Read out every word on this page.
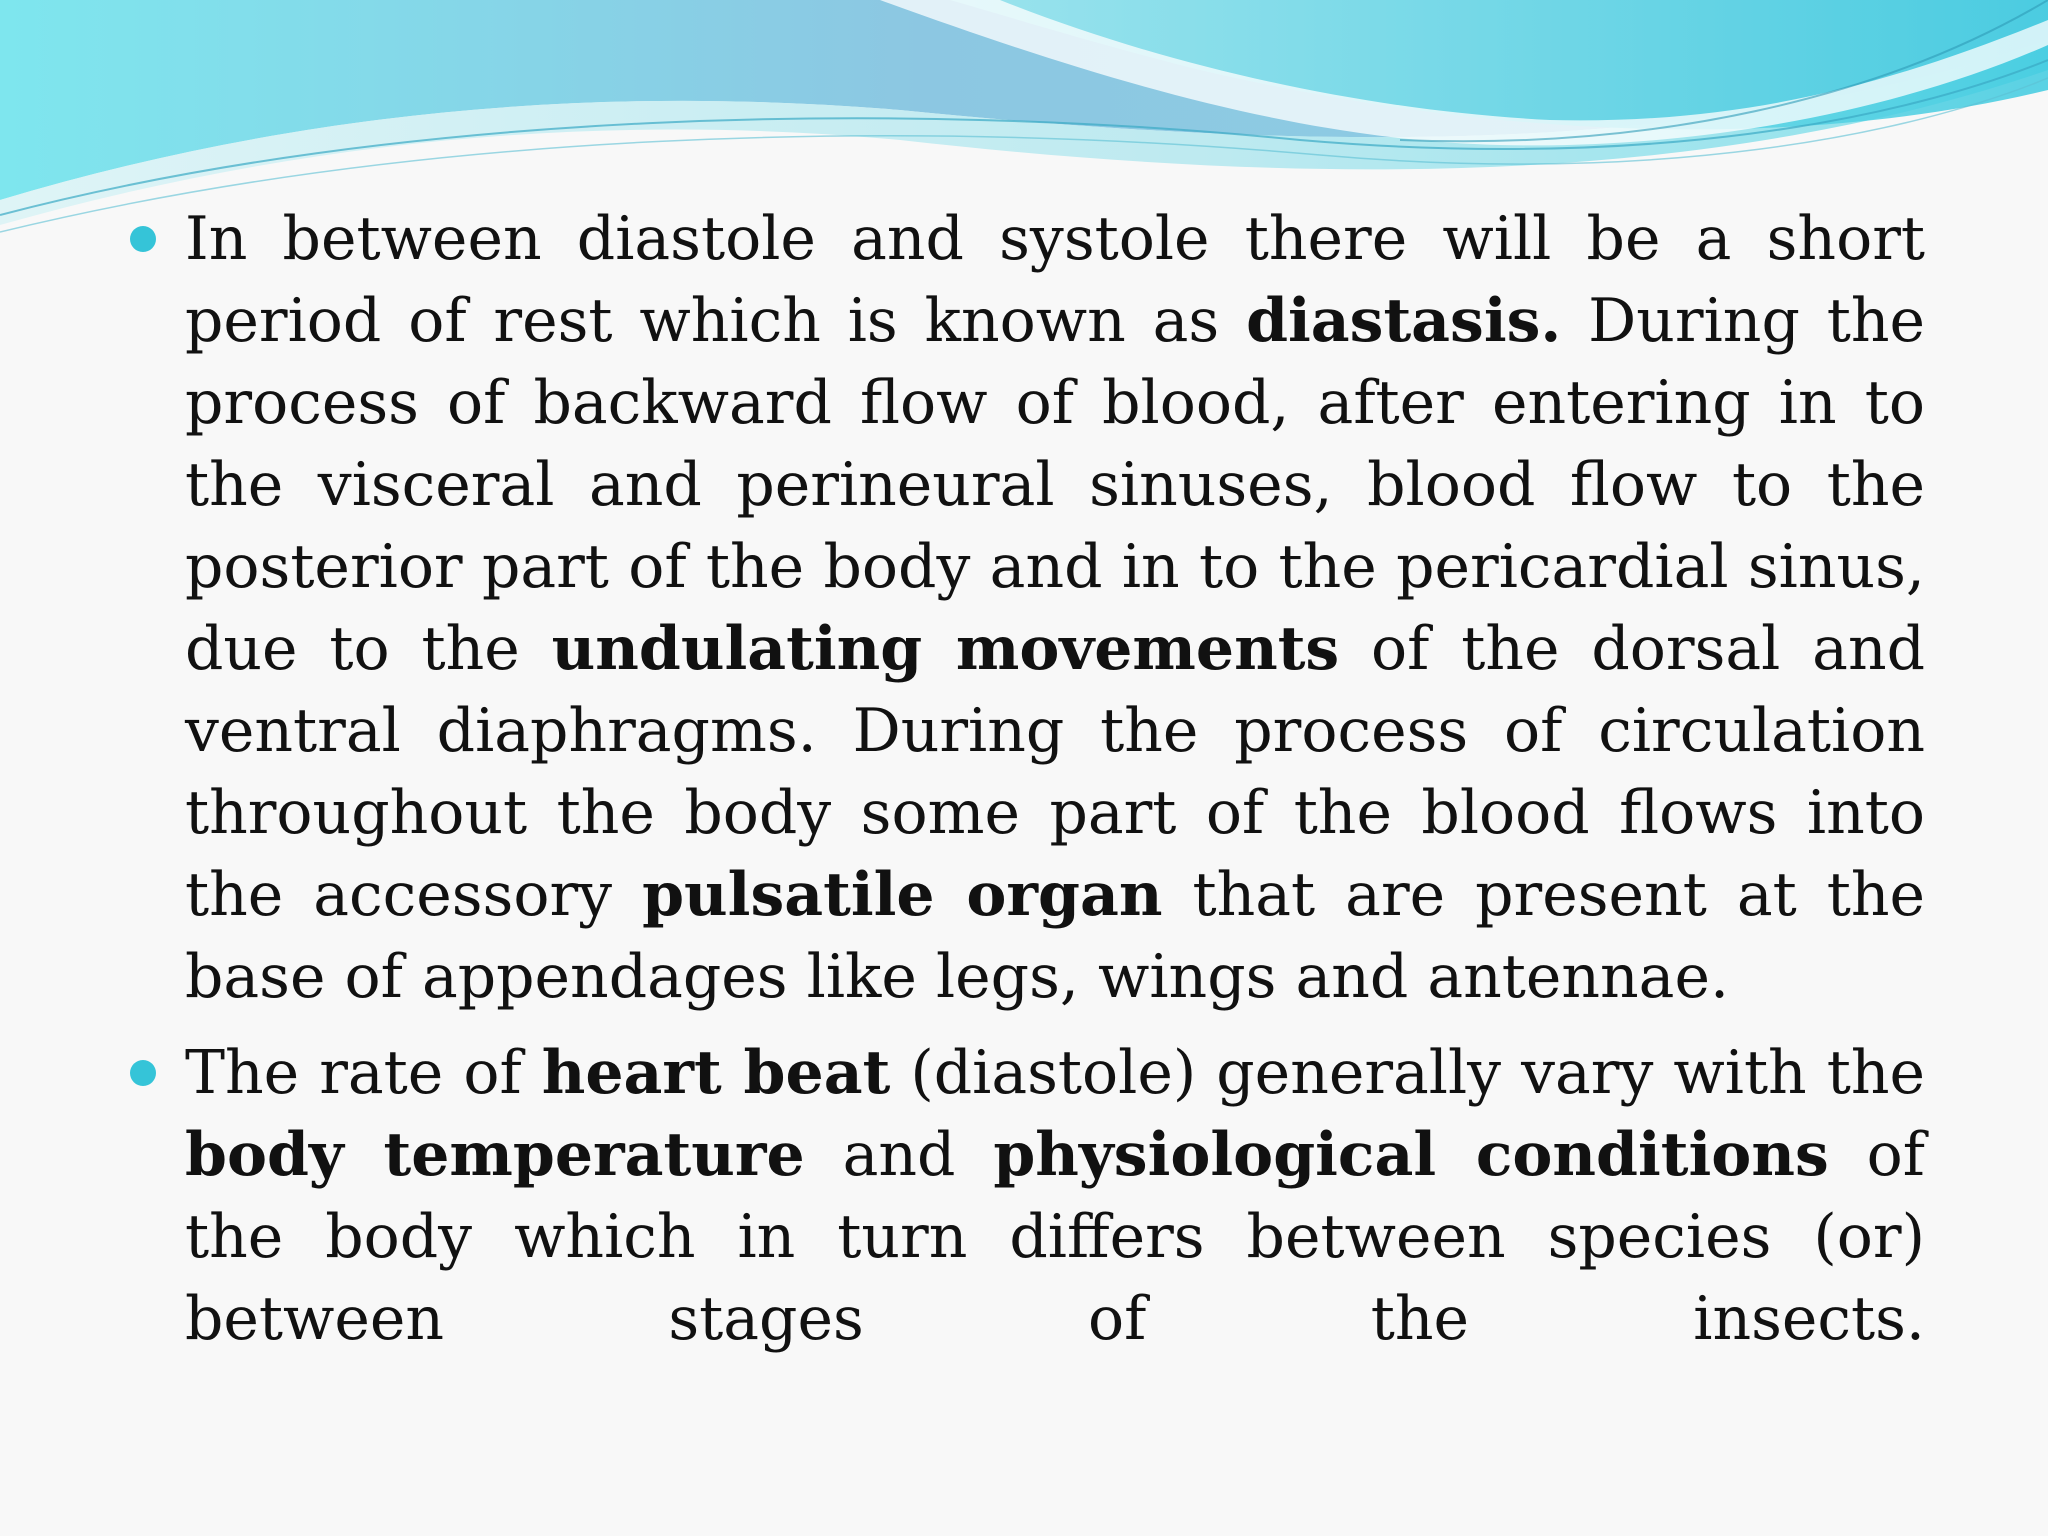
In between diastole and systole there will be a short period of rest which is known as diastasis. During the process of backward flow of blood, after entering in to the visceral and perineural sinuses, blood flow to the posterior part of the body and in to the pericardial sinus, due to the undulating movements of the dorsal and ventral diaphragms. During the process of circulation throughout the body some part of the blood flows into the accessory pulsatile organ that are present at the base of appendages like legs, wings and antennae.

The rate of heart beat (diastole) generally vary with the body temperature and physiological conditions of the body which in turn differs between species (or) between stages of the insects.
